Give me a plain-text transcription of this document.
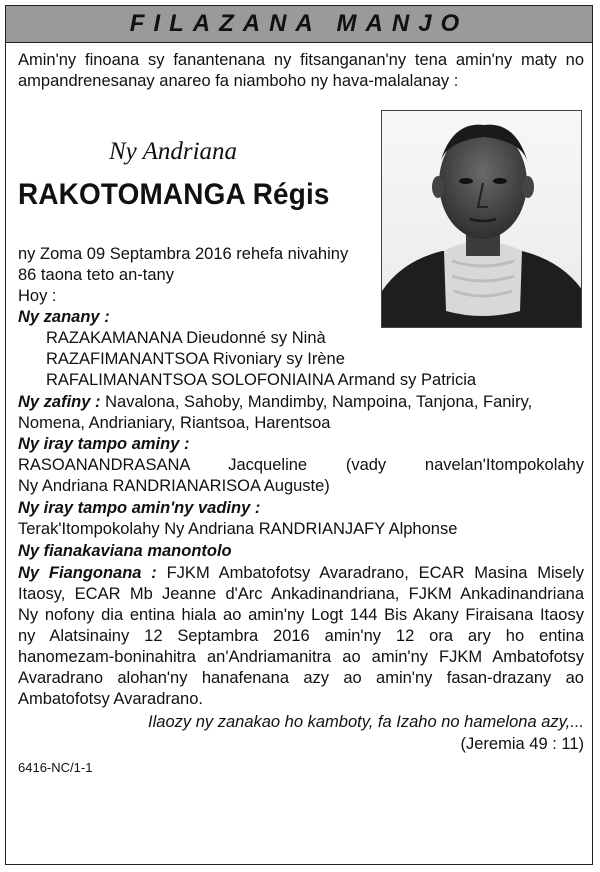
FILAZANA MANJO
Amin'ny finoana sy fanantenana ny fitsanganan'ny tena amin'ny maty no ampandrenesanay anareo fa niamboho ny hava-malalanay :
Ny Andriana
RAKOTOMANGA Régis
ny Zoma 09 Septambra 2016 rehefa nivahiny
86 taona teto an-tany
Hoy :
Ny zanany :
RAZAKAMANANA Dieudonné sy Ninà
RAZAFIMANANTSOA Rivoniary sy Irène
RAFALIMANANTSOA SOLOFONIAINA Armand sy Patricia
Ny zafiny : Navalona, Sahoby, Mandimby, Nampoina, Tanjona, Faniry,
Nomena, Andrianiary, Riantsoa, Harentsoa
Ny iray tampo aminy :
RASOANANDRASANA Jacqueline (vady navelan'Itompokolahy
Ny Andriana RANDRIANARISOA Auguste)
Ny iray tampo amin'ny vadiny :
Terak'Itompokolahy Ny Andriana RANDRIANJAFY Alphonse
Ny fianakaviana manontolo
Ny Fiangonana : FJKM Ambatofotsy Avaradrano, ECAR Masina Misely
Itaosy, ECAR Mb Jeanne d'Arc Ankadinandriana, FJKM Ankadinandriana
Ny nofony dia entina hiala ao amin'ny Logt 144 Bis Akany Firaisana Itaosy
ny Alatsinainy 12 Septambra 2016 amin'ny 12 ora ary ho entina
hanomezam-boninahitra an'Andriamanitra ao amin'ny FJKM Ambatofotsy
Avaradrano alohan'ny hanafenana azy ao amin'ny fasan-drazany ao
Ambatofotsy Avaradrano.
Ilaozy ny zanakao ho kamboty, fa Izaho no hamelona azy,...
(Jeremia 49 : 11)
6416-NC/1-1
